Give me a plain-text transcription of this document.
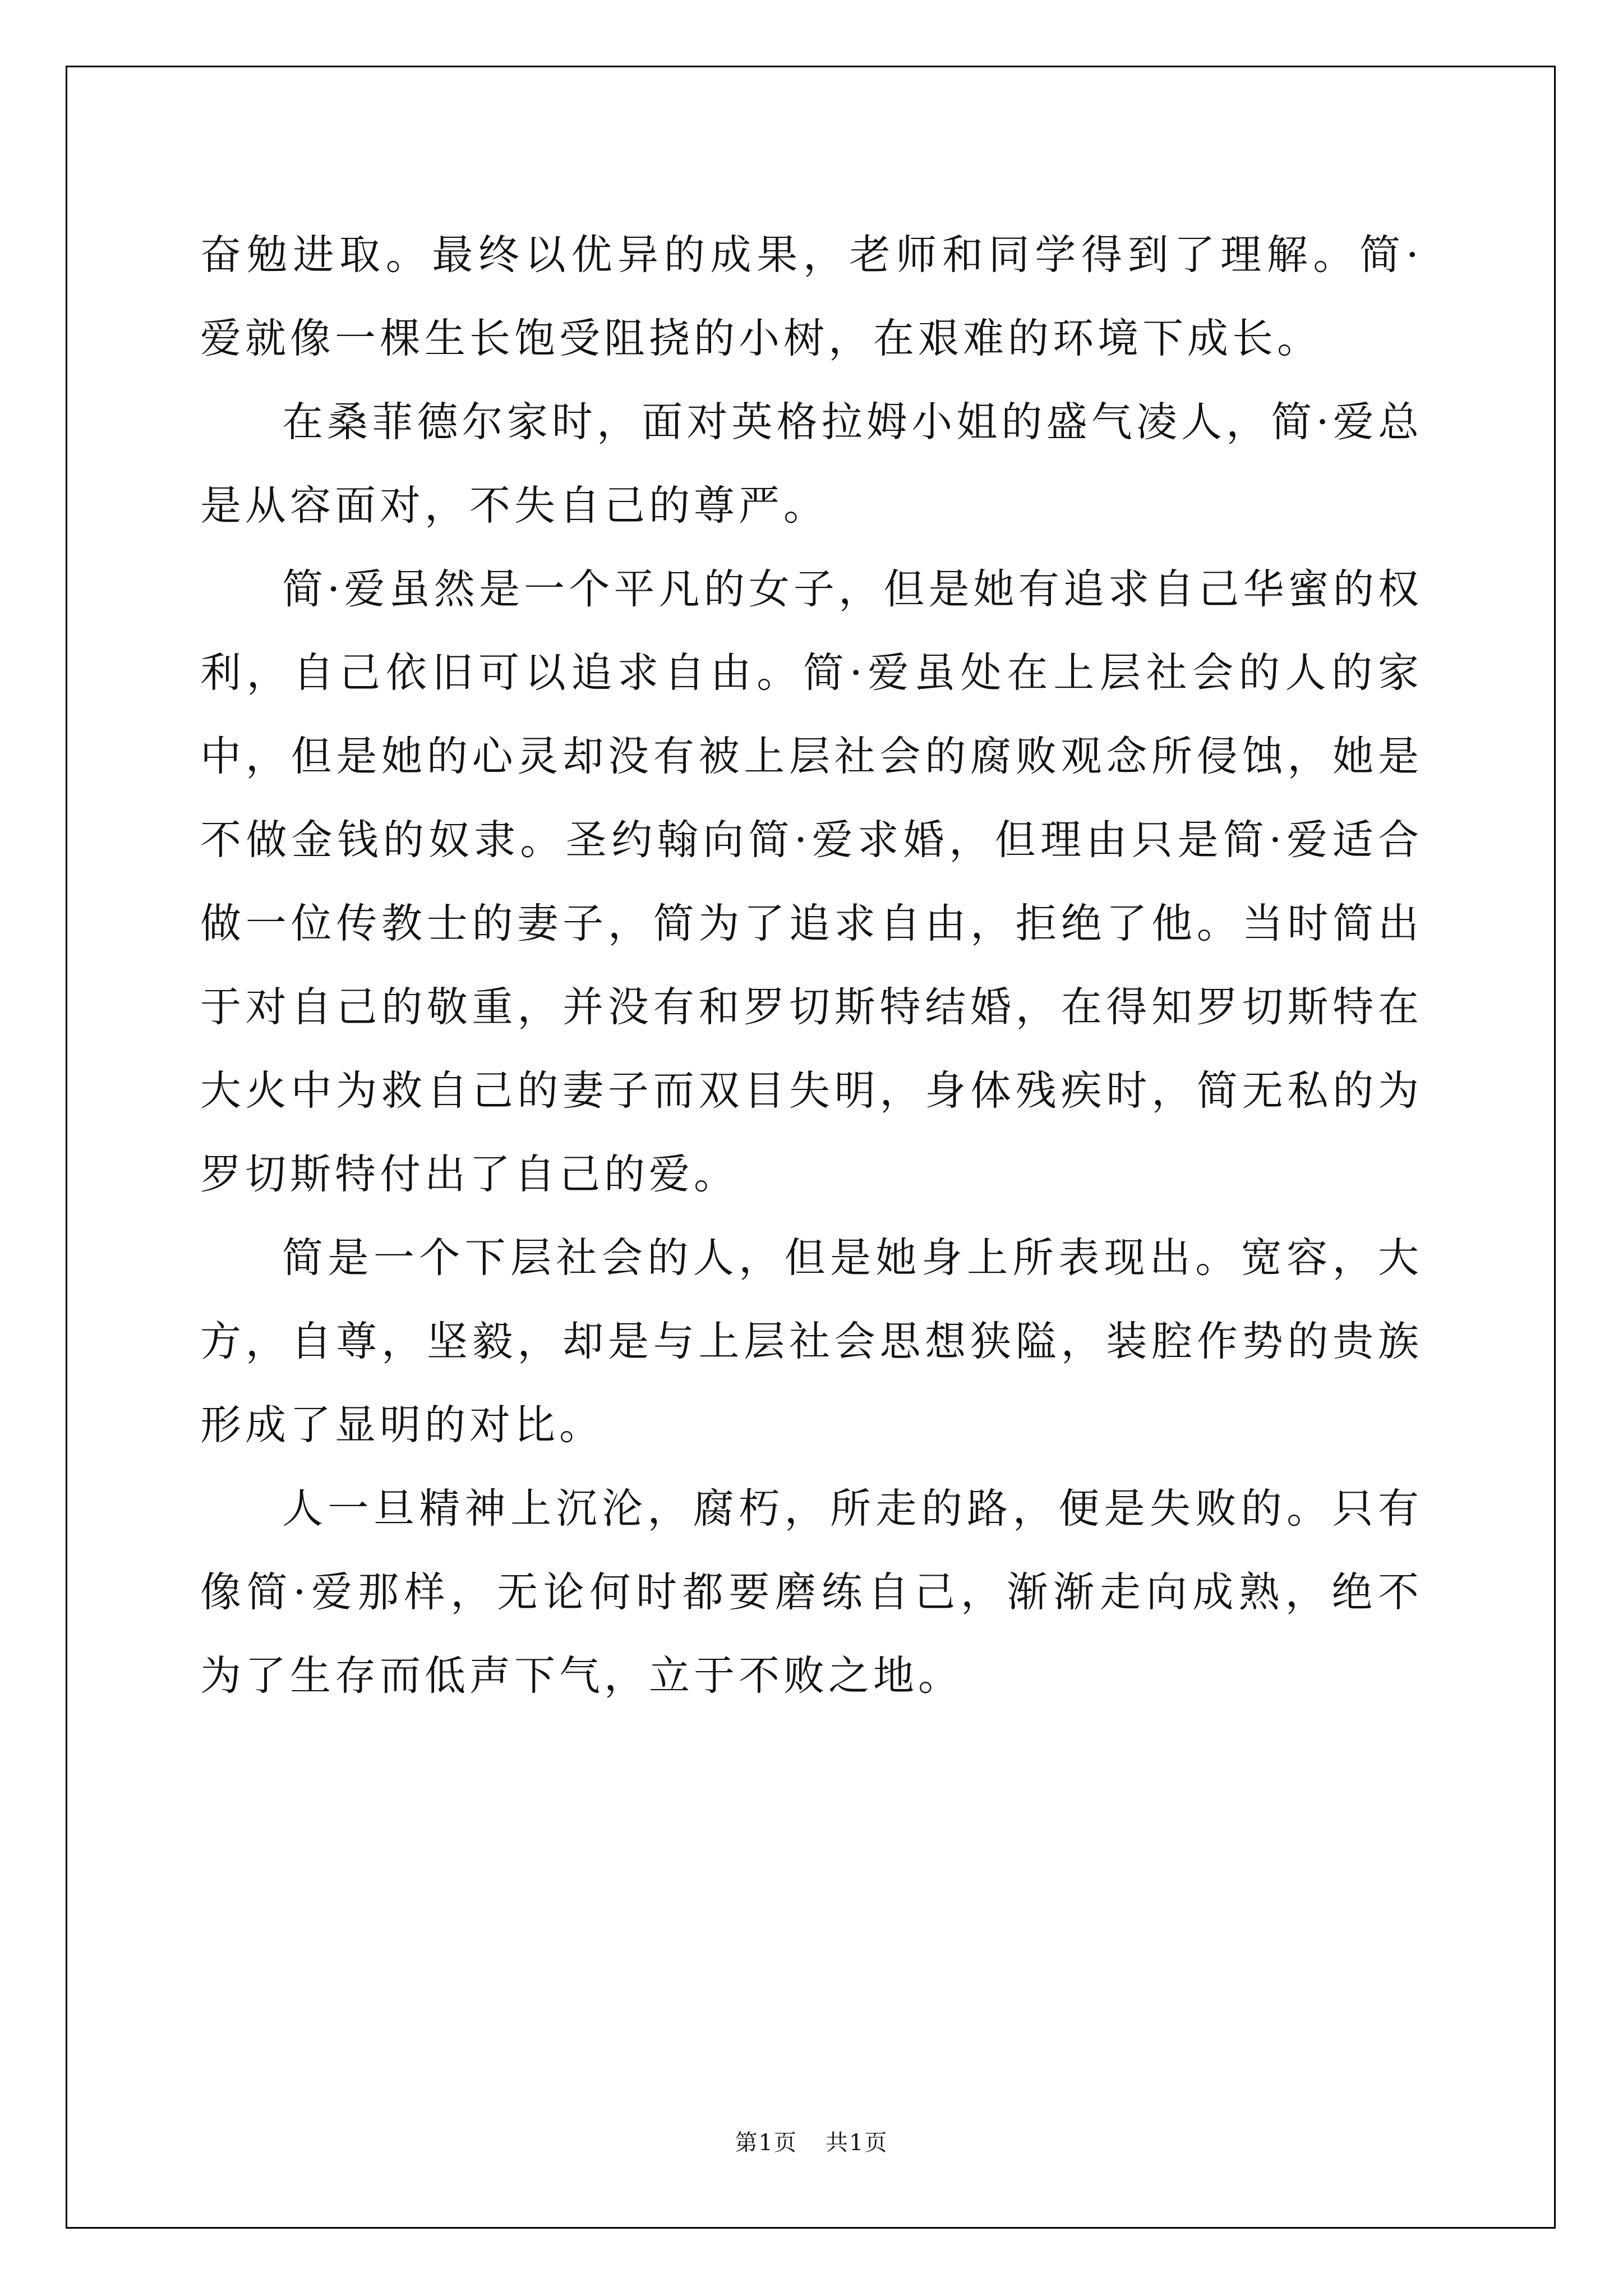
奋勉进取。最终以优异的成果，老师和同学得到了理解。简·爱就像一棵生长饱受阻挠的小树，在艰难的环境下成长。

在桑菲德尔家时，面对英格拉姆小姐的盛气凌人，简·爱总是从容面对，不失自己的尊严。

简·爱虽然是一个平凡的女子，但是她有追求自己华蜜的权利，自己依旧可以追求自由。简·爱虽处在上层社会的人的家中，但是她的心灵却没有被上层社会的腐败观念所侵蚀，她是不做金钱的奴隶。圣约翰向简·爱求婚，但理由只是简·爱适合做一位传教士的妻子，简为了追求自由，拒绝了他。当时简出于对自己的敬重，并没有和罗切斯特结婚，在得知罗切斯特在大火中为救自己的妻子而双目失明，身体残疾时，简无私的为罗切斯特付出了自己的爱。

简是一个下层社会的人，但是她身上所表现出。宽容，大方，自尊，坚毅，却是与上层社会思想狭隘，装腔作势的贵族形成了显明的对比。

人一旦精神上沉沦，腐朽，所走的路，便是失败的。只有像简·爱那样，无论何时都要磨练自己，渐渐走向成熟，绝不为了生存而低声下气，立于不败之地。

第1页 共1页
